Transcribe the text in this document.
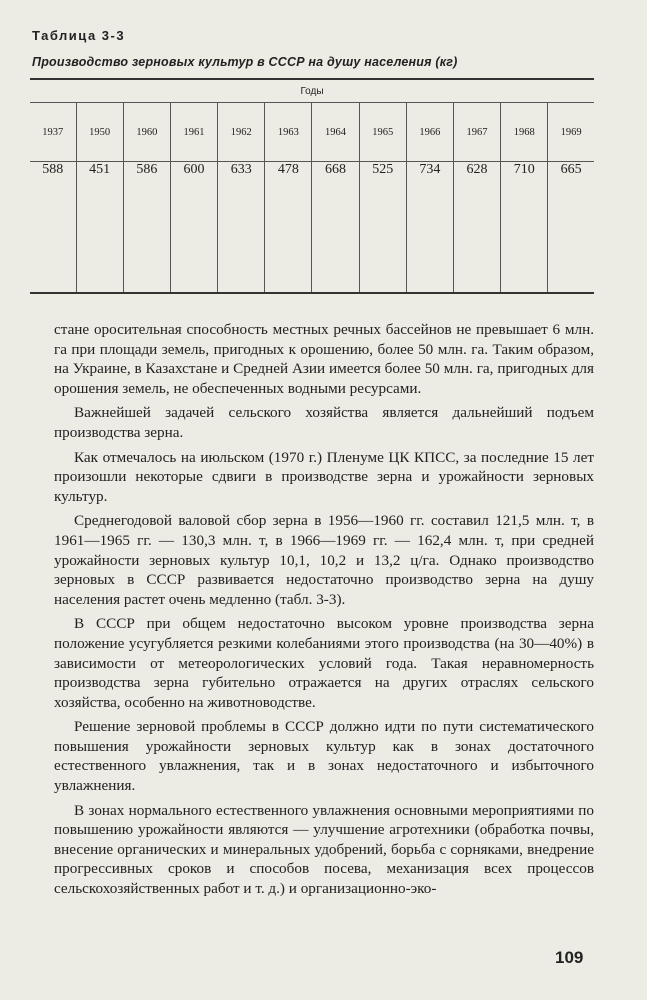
Таблица 3-3
Производство зерновых культур в СССР на душу населения (кг)
Годы											
1937	1950	1960	1961	1962	1963	1964	1965	1966	1967	1968	1969
588	451	586	600	633	478	668	525	734	628	710	665

стане оросительная способность местных речных бассейнов не превышает 6 млн. га при площади земель, пригодных к орошению, более 50 млн. га. Таким образом, на Украине, в Казахстане и Средней Азии имеется более 50 млн. га, пригодных для орошения земель, не обеспеченных водными ресурсами.

Важнейшей задачей сельского хозяйства является дальнейший подъем производства зерна.

Как отмечалось на июльском (1970 г.) Пленуме ЦК КПСС, за последние 15 лет произошли некоторые сдвиги в производстве зерна и урожайности зерновых культур.

Среднегодовой валовой сбор зерна в 1956—1960 гг. составил 121,5 млн. т, в 1961—1965 гг. — 130,3 млн. т, в 1966—1969 гг. — 162,4 млн. т, при средней урожайности зерновых культур 10,1, 10,2 и 13,2 ц/га. Однако производство зерновых в СССР развивается недостаточно производство зерна на душу населения растет очень медленно (табл. 3-3).

В СССР при общем недостаточно высоком уровне производства зерна положение усугубляется резкими колебаниями этого производства (на 30—40%) в зависимости от метеорологических условий года. Такая неравномерность производства зерна губительно отражается на других отраслях сельского хозяйства, особенно на животноводстве.

Решение зерновой проблемы в СССР должно идти по пути систематического повышения урожайности зерновых культур как в зонах достаточного естественного увлажнения, так и в зонах недостаточного и избыточного увлажнения.

В зонах нормального естественного увлажнения основными мероприятиями по повышению урожайности являются — улучшение агротехники (обработка почвы, внесение органических и минеральных удобрений, борьба с сорняками, внедрение прогрессивных сроков и способов посева, механизация всех процессов сельскохозяйственных работ и т. д.) и организационно-эко-

109
